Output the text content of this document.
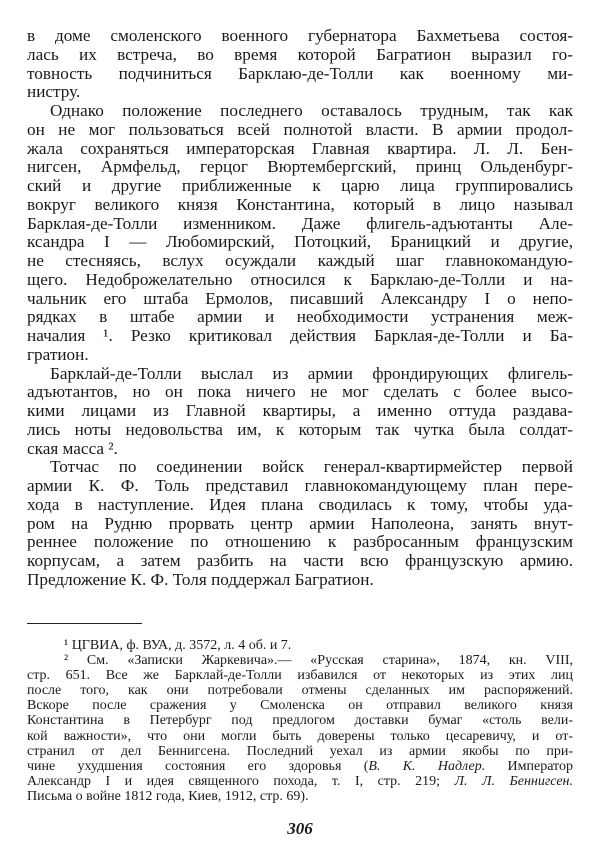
в доме смоленского военного губернатора Бахметьева состоя-
лась их встреча, во время которой Багратион выразил го-
товность подчиниться Барклаю-де-Толли как военному ми-
нистру.
Однако положение последнего оставалось трудным, так как
он не мог пользоваться всей полнотой власти. В армии продол-
жала сохраняться императорская Главная квартира. Л. Л. Бен-
нигсен, Армфельд, герцог Вюртембергский, принц Ольденбург-
ский и другие приближенные к царю лица группировались
вокруг великого князя Константина, который в лицо называл
Барклая-де-Толли изменником. Даже флигель-адъютанты Але-
ксандра I — Любомирский, Потоцкий, Браницкий и другие,
не стесняясь, вслух осуждали каждый шаг главнокомандую-
щего. Недоброжелательно относился к Барклаю-де-Толли и на-
чальник его штаба Ермолов, писавший Александру I о непо-
рядках в штабе армии и необходимости устранения меж-
началия ¹. Резко критиковал действия Барклая-де-Толли и Ба-
гратион.
Барклай-де-Толли выслал из армии фрондирующих флигель-
адъютантов, но он пока ничего не мог сделать с более высо-
кими лицами из Главной квартиры, а именно оттуда раздава-
лись ноты недовольства им, к которым так чутка была солдат-
ская масса ².
Тотчас по соединении войск генерал-квартирмейстер первой
армии К. Ф. Толь представил главнокомандующему план пере-
хода в наступление. Идея плана сводилась к тому, чтобы уда-
ром на Рудню прорвать центр армии Наполеона, занять внут-
реннее положение по отношению к разбросанным французским
корпусам, а затем разбить на части всю французскую армию.
Предложение К. Ф. Толя поддержал Багратион.
¹ ЦГВИА, ф. ВУА, д. 3572, л. 4 об. и 7.
² См. «Записки Жаркевича».— «Русская старина», 1874, кн. VIII,
стр. 651. Все же Барклай-де-Толли избавился от некоторых из этих лиц
после того, как они потребовали отмены сделанных им распоряжений.
Вскоре после сражения у Смоленска он отправил великого князя
Константина в Петербург под предлогом доставки бумаг «столь вели-
кой важности», что они могли быть доверены только цесаревичу, и от-
странил от дел Беннигсена. Последний уехал из армии якобы по при-
чине ухудшения состояния его здоровья (В. К. Надлер. Император
Александр I и идея священного похода, т. I, стр. 219; Л. Л. Беннигсен.
Письма о войне 1812 года, Киев, 1912, стр. 69).
306
